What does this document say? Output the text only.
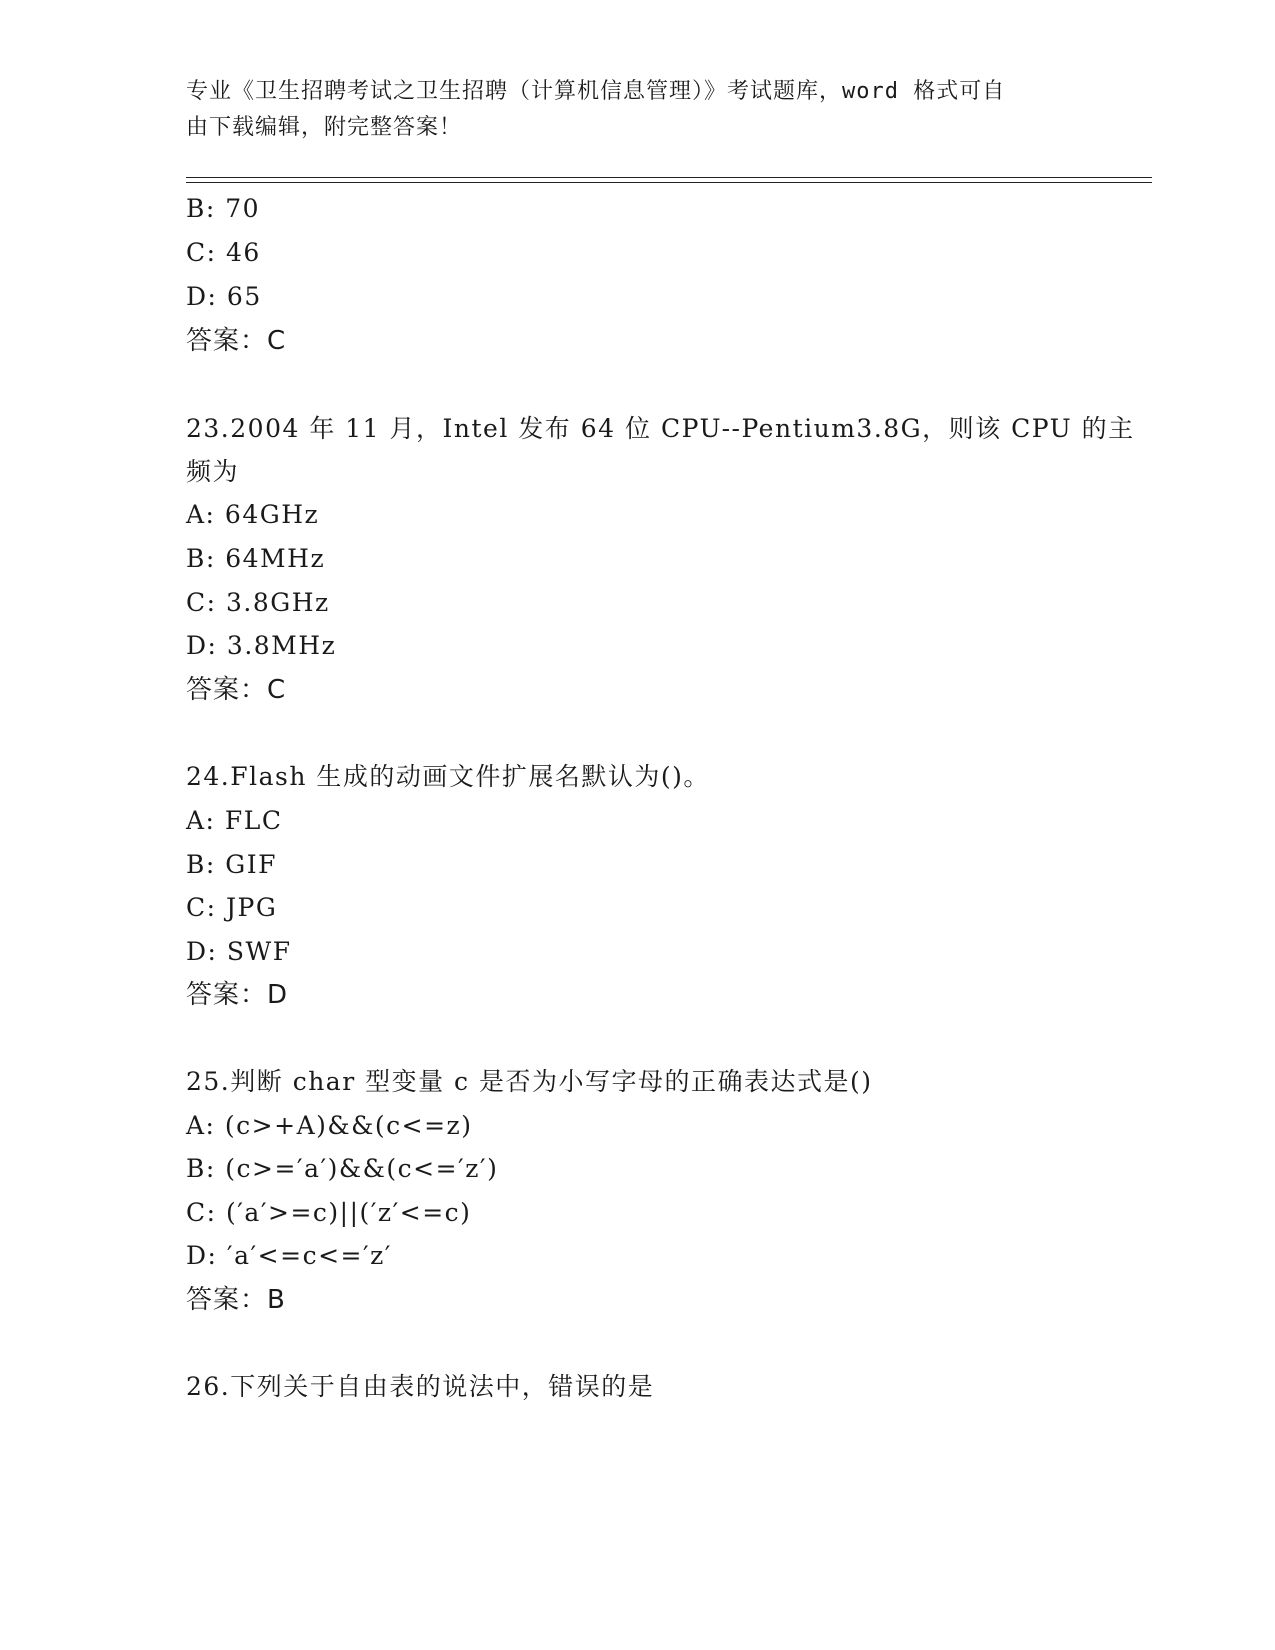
专业《卫生招聘考试之卫生招聘（计算机信息管理）》考试题库，word 格式可自
由下载编辑，附完整答案！
B: 70
C: 46
D: 65
答案：C
23.2004 年 11 月，Intel 发布 64 位 CPU--Pentium3.8G，则该 CPU 的主
频为
A: 64GHz
B: 64MHz
C: 3.8GHz
D: 3.8MHz
答案：C
24.Flash 生成的动画文件扩展名默认为()。
A: FLC
B: GIF
C: JPG
D: SWF
答案：D
25.判断 char 型变量 c 是否为小写字母的正确表达式是()
A: (c>+A)&&(c<=z)
B: (c>=′a′)&&(c<=′z′)
C: (′a′>=c)||(′z′<=c)
D: ′a′<=c<=′z′
答案：B
26.下列关于自由表的说法中，错误的是
